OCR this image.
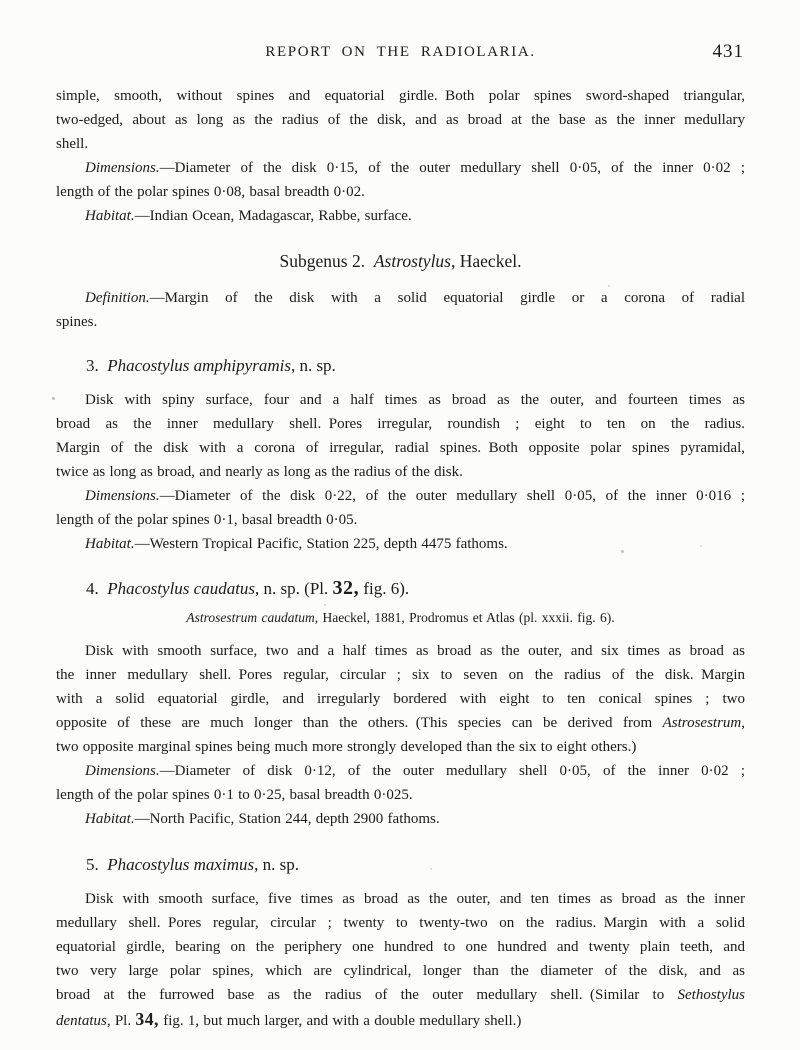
REPORT ON THE RADIOLARIA.	431
simple, smooth, without spines and equatorial girdle. Both polar spines sword-shaped triangular,
two-edged, about as long as the radius of the disk, and as broad at the base as the inner medullary
shell.
Dimensions.—Diameter of the disk 0·15, of the outer medullary shell 0·05, of the inner 0·02 ;
length of the polar spines 0·08, basal breadth 0·02.
Habitat.—Indian Ocean, Madagascar, Rabbe, surface.
Subgenus 2. Astrostylus, Haeckel.
Definition.—Margin of the disk with a solid equatorial girdle or a corona of radial
spines.
3. Phacostylus amphipyramis, n. sp.
Disk with spiny surface, four and a half times as broad as the outer, and fourteen times as
broad as the inner medullary shell. Pores irregular, roundish ; eight to ten on the radius.
Margin of the disk with a corona of irregular, radial spines. Both opposite polar spines pyramidal,
twice as long as broad, and nearly as long as the radius of the disk.
Dimensions.—Diameter of the disk 0·22, of the outer medullary shell 0·05, of the inner 0·016 ;
length of the polar spines 0·1, basal breadth 0·05.
Habitat.—Western Tropical Pacific, Station 225, depth 4475 fathoms.
4. Phacostylus caudatus, n. sp. (Pl. 32, fig. 6).
Astrosestrum caudatum, Haeckel, 1881, Prodromus et Atlas (pl. xxxii. fig. 6).
Disk with smooth surface, two and a half times as broad as the outer, and six times as broad as
the inner medullary shell. Pores regular, circular ; six to seven on the radius of the disk. Margin
with a solid equatorial girdle, and irregularly bordered with eight to ten conical spines ; two
opposite of these are much longer than the others. (This species can be derived from Astrosestrum,
two opposite marginal spines being much more strongly developed than the six to eight others.)
Dimensions.—Diameter of disk 0·12, of the outer medullary shell 0·05, of the inner 0·02 ;
length of the polar spines 0·1 to 0·25, basal breadth 0·025.
Habitat.—North Pacific, Station 244, depth 2900 fathoms.
5. Phacostylus maximus, n. sp.
Disk with smooth surface, five times as broad as the outer, and ten times as broad as the inner
medullary shell. Pores regular, circular ; twenty to twenty-two on the radius. Margin with a solid
equatorial girdle, bearing on the periphery one hundred to one hundred and twenty plain teeth, and
two very large polar spines, which are cylindrical, longer than the diameter of the disk, and as
broad at the furrowed base as the radius of the outer medullary shell. (Similar to Sethostylus
dentatus, Pl. 34, fig. 1, but much larger, and with a double medullary shell.)
